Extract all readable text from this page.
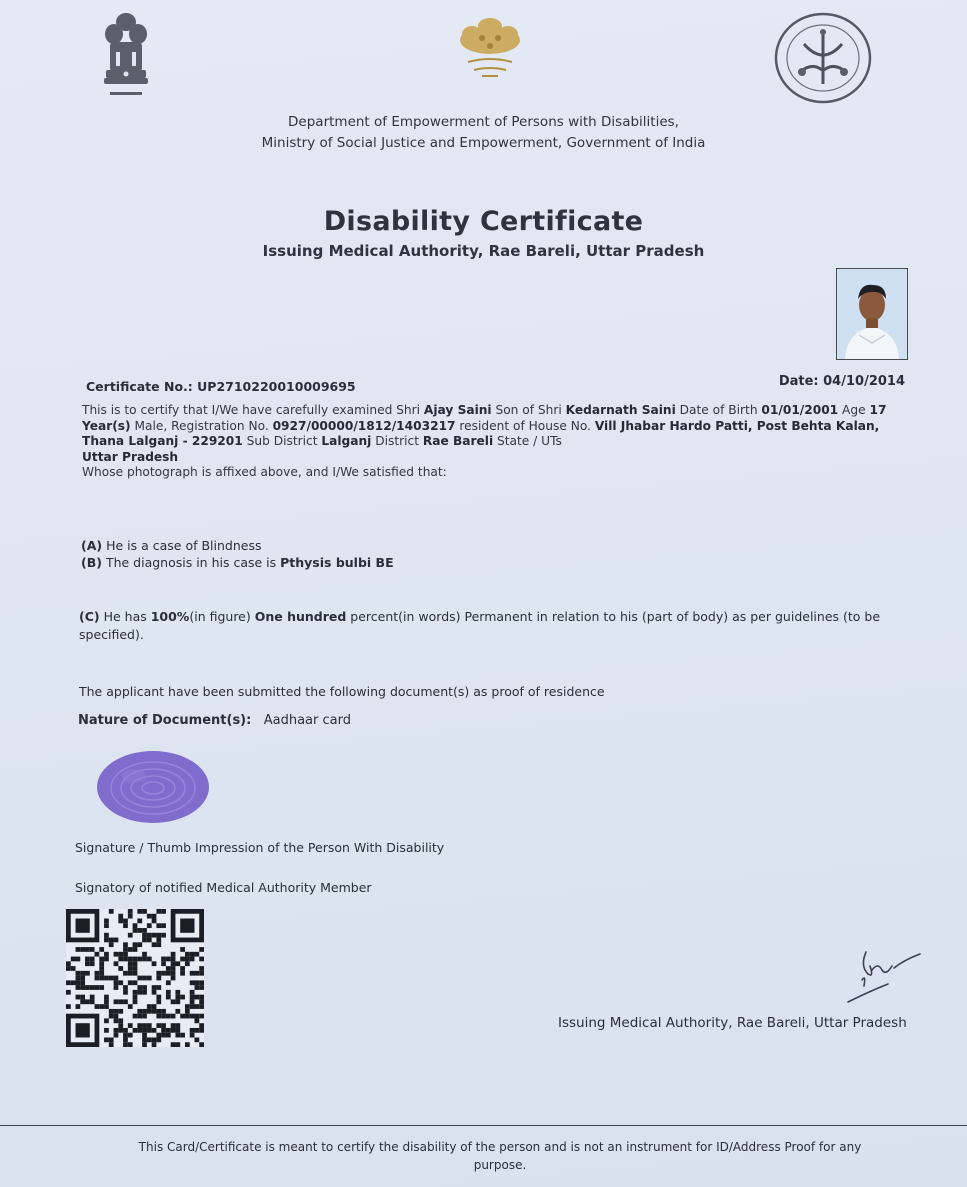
Department of Empowerment of Persons with Disabilities,
Ministry of Social Justice and Empowerment, Government of India
Disability Certificate
Issuing Medical Authority, Rae Bareli, Uttar Pradesh
Certificate No.: UP271022001000969​5	Date: 04/10/2014
This is to certify that I/We have carefully examined Shri Ajay Saini Son of Shri Kedarnath Saini Date of Birth 01/01/2001 Age 17 Year(s) Male, Registration No. 0927/00000/1812/1403217 resident of House No. Vill Jhabar Hardo Patti, Post Behta Kalan, Thana Lalganj - 229201 Sub District Lalganj District Rae Bareli State / UTs
Uttar Pradesh
Whose photograph is affixed above, and I/We satisfied that:
(A) He is a case of Blindness
(B) The diagnosis in his case is Pthysis bulbi BE
(C) He has 100%(in figure) One hundred percent(in words) Permanent in relation to his (part of body) as per guidelines (to be specified).
The applicant have been submitted the following document(s) as proof of residence
Nature of Document(s): Aadhaar card
Signature / Thumb Impression of the Person With Disability
Signatory of notified Medical Authority Member
Issuing Medical Authority, Rae Bareli, Uttar Pradesh
This Card/Certificate is meant to certify the disability of the person and is not an instrument for ID/Address Proof for any
purpose.
